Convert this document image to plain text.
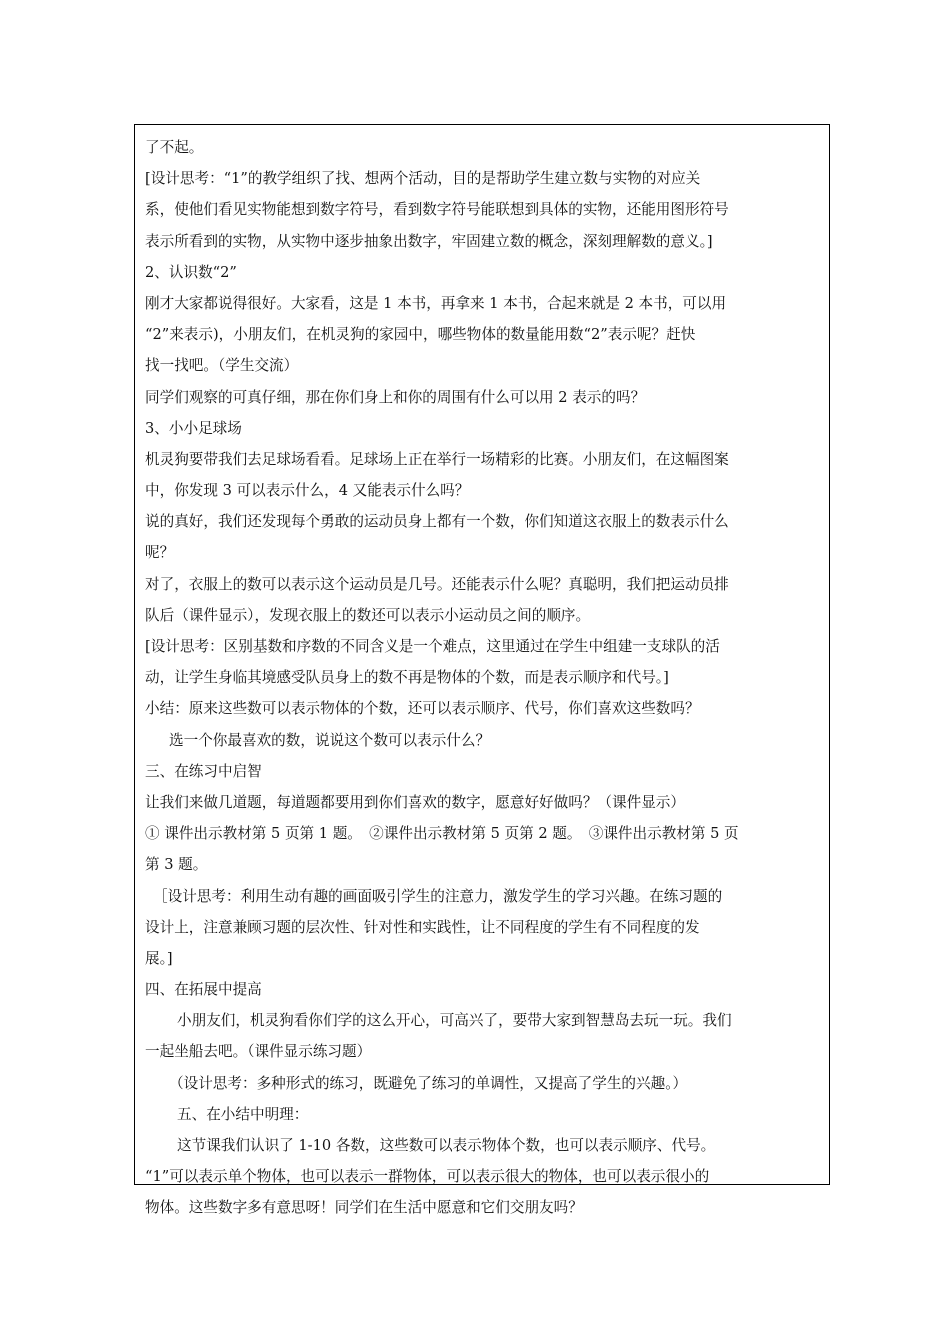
了不起。
[设计思考：“1”的教学组织了找、想两个活动，目的是帮助学生建立数与实物的对应关
系，使他们看见实物能想到数字符号，看到数字符号能联想到具体的实物，还能用图形符号
表示所看到的实物，从实物中逐步抽象出数字，牢固建立数的概念，深刻理解数的意义。]
2、认识数“2”
刚才大家都说得很好。大家看，这是 1 本书，再拿来 1 本书，合起来就是 2 本书，可以用
“2”来表示)，小朋友们，在机灵狗的家园中，哪些物体的数量能用数“2”表示呢？赶快
找一找吧。（学生交流）
同学们观察的可真仔细，那在你们身上和你的周围有什么可以用 2 表示的吗？
3、小小足球场
机灵狗要带我们去足球场看看。足球场上正在举行一场精彩的比赛。小朋友们，在这幅图案
中，你发现 3 可以表示什么，4 又能表示什么吗？
说的真好，我们还发现每个勇敢的运动员身上都有一个数，你们知道这衣服上的数表示什么
呢？
对了，衣服上的数可以表示这个运动员是几号。还能表示什么呢？真聪明，我们把运动员排
队后（课件显示），发现衣服上的数还可以表示小运动员之间的顺序。
[设计思考：区别基数和序数的不同含义是一个难点，这里通过在学生中组建一支球队的活
动，让学生身临其境感受队员身上的数不再是物体的个数，而是表示顺序和代号。]
小结：原来这些数可以表示物体的个数，还可以表示顺序、代号，你们喜欢这些数吗？
选一个你最喜欢的数，说说这个数可以表示什么？
三、在练习中启智
让我们来做几道题，每道题都要用到你们喜欢的数字，愿意好好做吗？（课件显示）
① 课件出示教材第 5 页第 1 题。　②课件出示教材第 5 页第 2 题。　③课件出示教材第 5 页
第 3 题。
［设计思考：利用生动有趣的画面吸引学生的注意力，激发学生的学习兴趣。在练习题的
设计上，注意兼顾习题的层次性、针对性和实践性，让不同程度的学生有不同程度的发
展。]
四、在拓展中提高
小朋友们，机灵狗看你们学的这么开心，可高兴了，要带大家到智慧岛去玩一玩。我们
一起坐船去吧。（课件显示练习题）
（设计思考：多种形式的练习，既避免了练习的单调性，又提高了学生的兴趣。）
五、在小结中明理：
这节课我们认识了 1-10 各数，这些数可以表示物体个数，也可以表示顺序、代号。
“1”可以表示单个物体，也可以表示一群物体，可以表示很大的物体，也可以表示很小的
物体。这些数字多有意思呀！同学们在生活中愿意和它们交朋友吗？
